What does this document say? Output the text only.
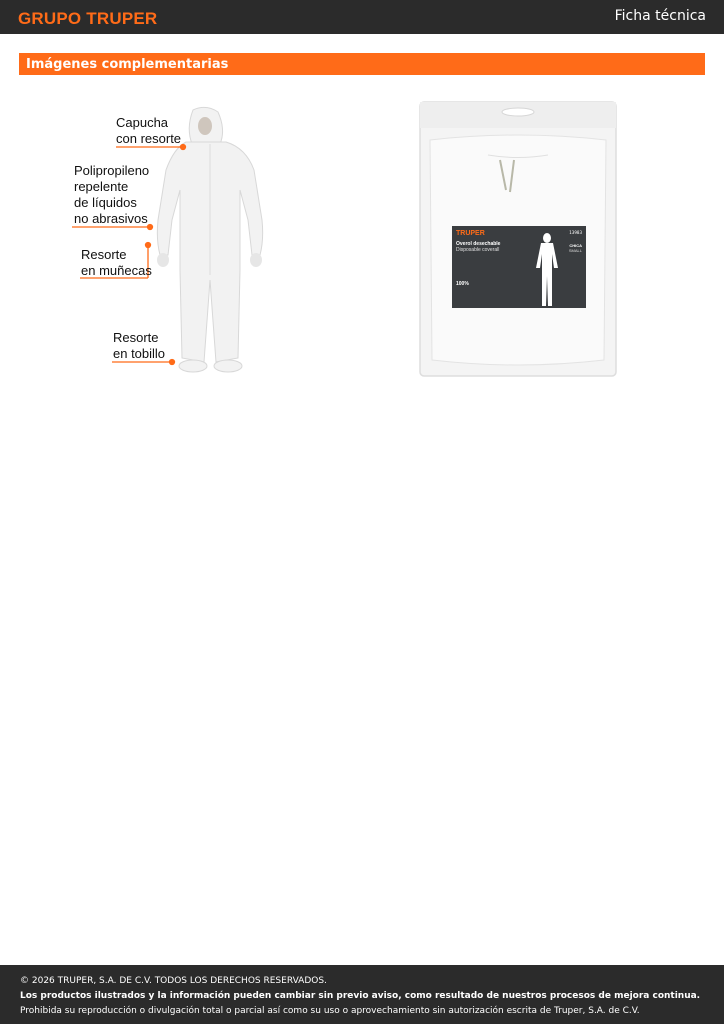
GRUPO TRUPER	Ficha técnica
Imágenes complementarias
Capucha
con resorte
Polipropileno
repelente
de líquidos
no abrasivos
Resorte
en muñecas
Resorte
en tobillo
TRUPER	13983
Overol desechable
Disposable coverall
CHICA
SMALL
100%
© 2026 TRUPER, S.A. DE C.V. TODOS LOS DERECHOS RESERVADOS.
Los productos ilustrados y la información pueden cambiar sin previo aviso, como resultado de nuestros procesos de mejora continua.
Prohibida su reproducción o divulgación total o parcial así como su uso o aprovechamiento sin autorización escrita de Truper, S.A. de C.V.
